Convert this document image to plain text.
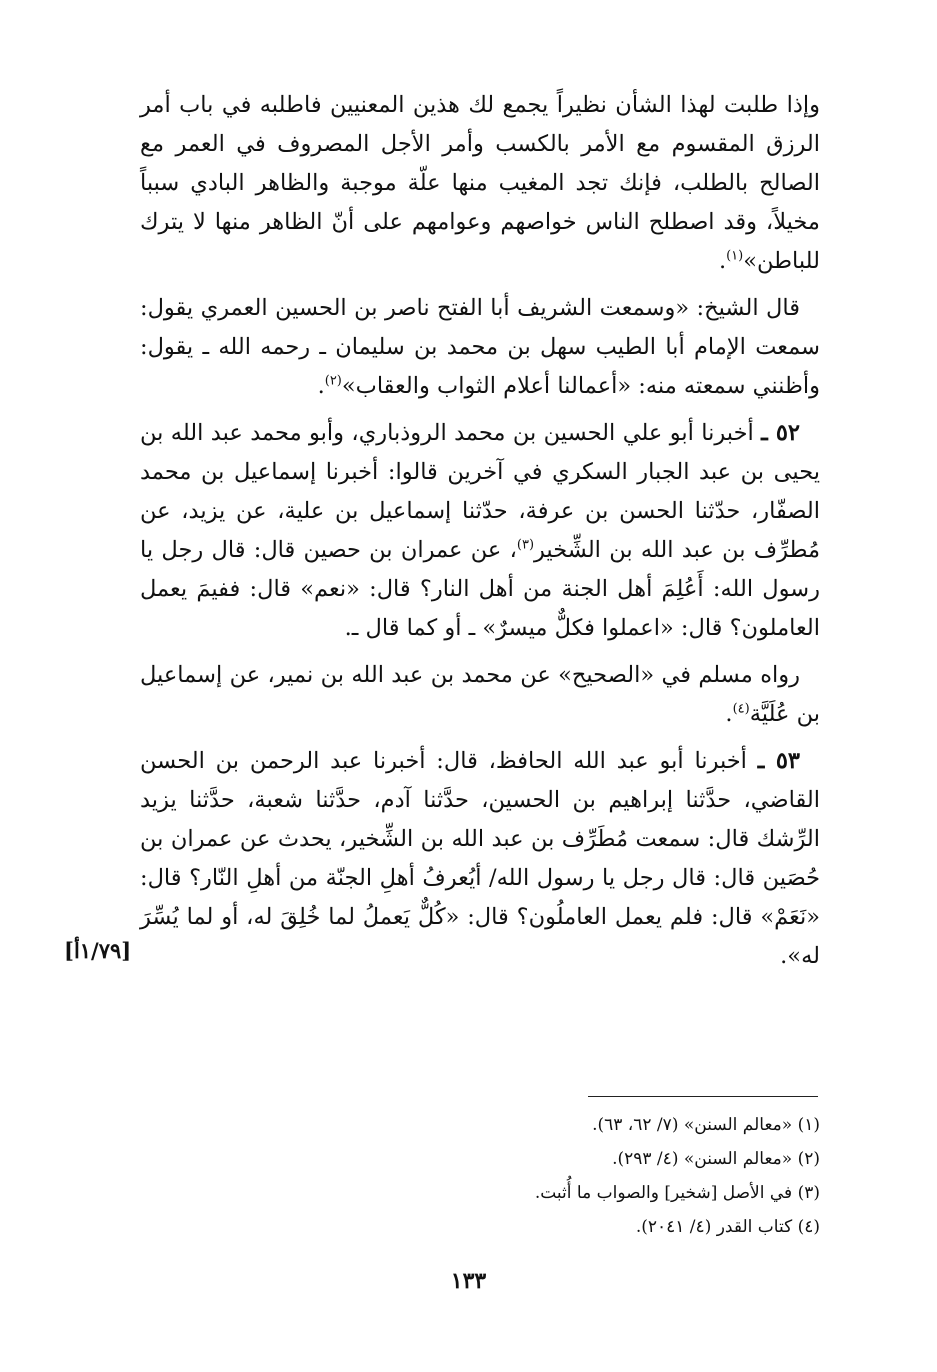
وإذا طلبت لهذا الشأن نظيراً يجمع لك هذين المعنيين فاطلبه في باب أمر الرزق المقسوم مع الأمر بالكسب وأمر الأجل المصروف في العمر مع الصالح بالطلب، فإنك تجد المغيب منها علّة موجبة والظاهر البادي سبباً مخيلاً، وقد اصطلح الناس خواصهم وعوامهم على أنّ الظاهر منها لا يترك للباطن»$^{(١)}$.

قال الشيخ: «وسمعت الشريف أبا الفتح ناصر بن الحسين العمري يقول: سمعت الإمام أبا الطيب سهل بن محمد بن سليمان ـ رحمه الله ـ يقول: وأظنني سمعته منه: «أعمالنا أعلام الثواب والعقاب»$^{(٢)}$.

٥٢ ـ أخبرنا أبو علي الحسين بن محمد الروذباري، وأبو محمد عبد الله بن يحيى بن عبد الجبار السكري في آخرين قالوا: أخبرنا إسماعيل بن محمد الصفّار، حدّثنا الحسن بن عرفة، حدّثنا إسماعيل بن علية، عن يزيد، عن مُطرِّف بن عبد الله بن الشِّخير$^{(٣)}$، عن عمران بن حصين قال: قال رجل يا رسول الله: أَعُلِمَ أهل الجنة من أهل النار؟ قال: «نعم» قال: ففيمَ يعمل العاملون؟ قال: «اعملوا فكلٌّ ميسرٌ» ـ أو كما قال ـ.

رواه مسلم في «الصحيح» عن محمد بن عبد الله بن نمير، عن إسماعيل بن عُلَيَّة$^{(٤)}$.

٥٣ ـ أخبرنا أبو عبد الله الحافظ، قال: أخبرنا عبد الرحمن بن الحسن القاضي، حدَّثنا إبراهيم بن الحسين، حدَّثنا آدم، حدَّثنا شعبة، حدَّثنا يزيد الرِّشك قال: سمعت مُطَرِّف بن عبد الله بن الشِّخير، يحدث عن عمران بن حُصَين قال: قال رجل يا رسول الله/ أيُعرفُ أهلِ الجنّة من أهلِ النّار؟ قال: «نَعَمْ» قال: فلم يعمل العاملُون؟ قال: «كُلٌّ يَعملُ لما خُلِقَ له، أو لما يُسِّرَ له».

[١/٧٩أ]

(١) «معالم السنن» (٧/ ٦٢، ٦٣).

(٢) «معالم السنن» (٤/ ٢٩٣).

(٣) في الأصل [شخير] والصواب ما أُثبت.

(٤) كتاب القدر (٤/ ٢٠٤١).

١٣٣
